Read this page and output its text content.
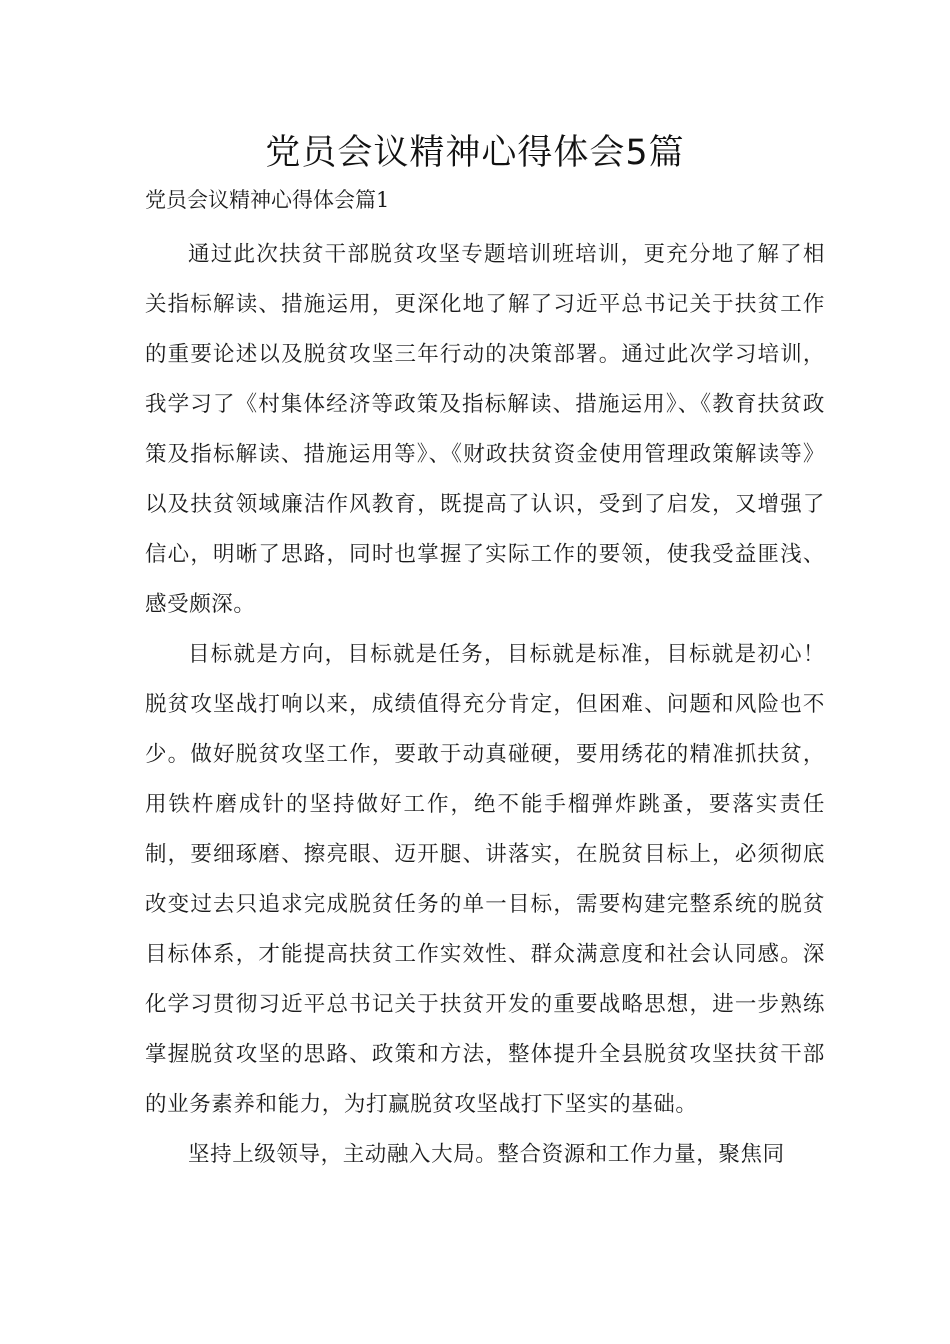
党员会议精神心得体会5篇
党员会议精神心得体会篇1

通过此次扶贫干部脱贫攻坚专题培训班培训，更充分地了解了相关指标解读、措施运用，更深化地了解了习近平总书记关于扶贫工作的重要论述以及脱贫攻坚三年行动的决策部署。通过此次学习培训，我学习了《村集体经济等政策及指标解读、措施运用》、《教育扶贫政策及指标解读、措施运用等》、《财政扶贫资金使用管理政策解读等》以及扶贫领域廉洁作风教育，既提高了认识，受到了启发，又增强了信心，明晰了思路，同时也掌握了实际工作的要领，使我受益匪浅、感受颇深。

目标就是方向，目标就是任务，目标就是标准，目标就是初心！脱贫攻坚战打响以来，成绩值得充分肯定，但困难、问题和风险也不少。做好脱贫攻坚工作，要敢于动真碰硬，要用绣花的精准抓扶贫，用铁杵磨成针的坚持做好工作，绝不能手榴弹炸跳蚤，要落实责任制，要细琢磨、擦亮眼、迈开腿、讲落实，在脱贫目标上，必须彻底改变过去只追求完成脱贫任务的单一目标，需要构建完整系统的脱贫目标体系，才能提高扶贫工作实效性、群众满意度和社会认同感。深化学习贯彻习近平总书记关于扶贫开发的重要战略思想，进一步熟练掌握脱贫攻坚的思路、政策和方法，整体提升全县脱贫攻坚扶贫干部的业务素养和能力，为打赢脱贫攻坚战打下坚实的基础。

坚持上级领导，主动融入大局。整合资源和工作力量，聚焦同
